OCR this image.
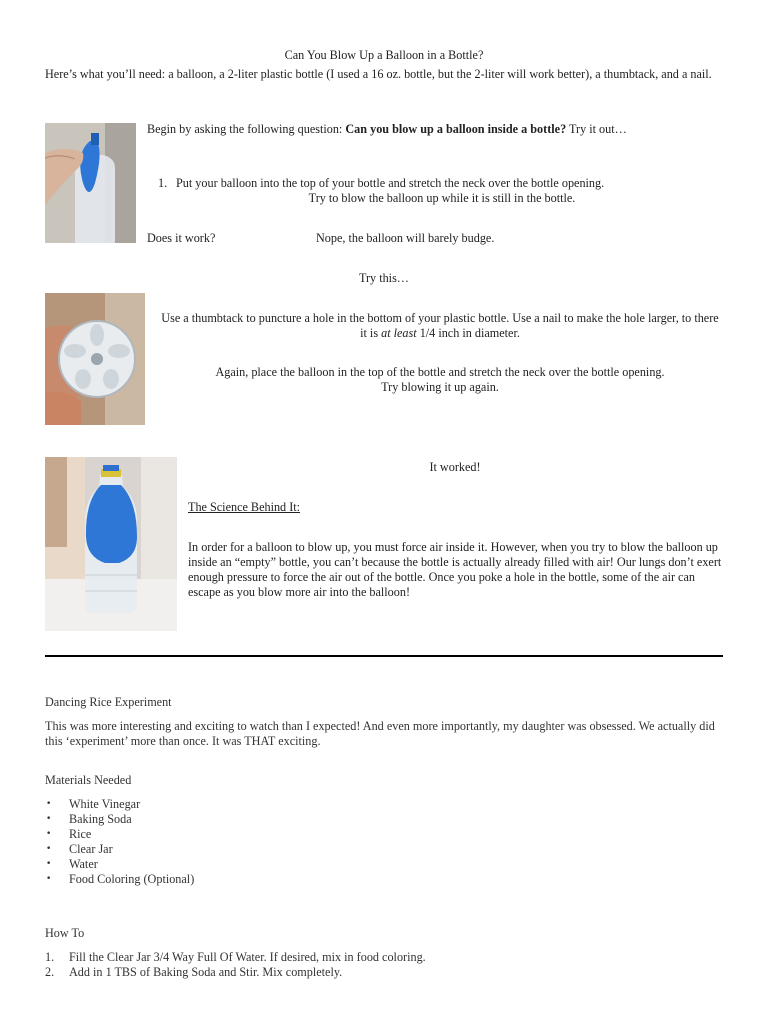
Can You Blow Up a Balloon in a Bottle?
Here’s what you’ll need: a balloon, a 2-liter plastic bottle (I used a 16 oz. bottle, but the 2-liter will work better), a thumbtack, and a nail.
Begin by asking the following question: Can you blow up a balloon inside a bottle? Try it out…
1. Put your balloon into the top of your bottle and stretch the neck over the bottle opening.
Try to blow the balloon up while it is still in the bottle.
Does it work?	Nope, the balloon will barely budge.
Try this…
Use a thumbtack to puncture a hole in the bottom of your plastic bottle. Use a nail to make the hole larger, to there it is at least 1/4 inch in diameter.
Again, place the balloon in the top of the bottle and stretch the neck over the bottle opening.
Try blowing it up again.
It worked!
The Science Behind It:
In order for a balloon to blow up, you must force air inside it. However, when you try to blow the balloon up inside an “empty” bottle, you can’t because the bottle is actually already filled with air! Our lungs don’t exert enough pressure to force the air out of the bottle. Once you poke a hole in the bottle, some of the air can escape as you blow more air into the balloon!
Dancing Rice Experiment
This was more interesting and exciting to watch than I expected! And even more importantly, my daughter was obsessed. We actually did this ‘experiment’ more than once. It was THAT exciting.
Materials Needed
• White Vinegar
• Baking Soda
• Rice
• Clear Jar
• Water
• Food Coloring (Optional)
How To
1. Fill the Clear Jar 3/4 Way Full Of Water. If desired, mix in food coloring.
2. Add in 1 TBS of Baking Soda and Stir. Mix completely.
